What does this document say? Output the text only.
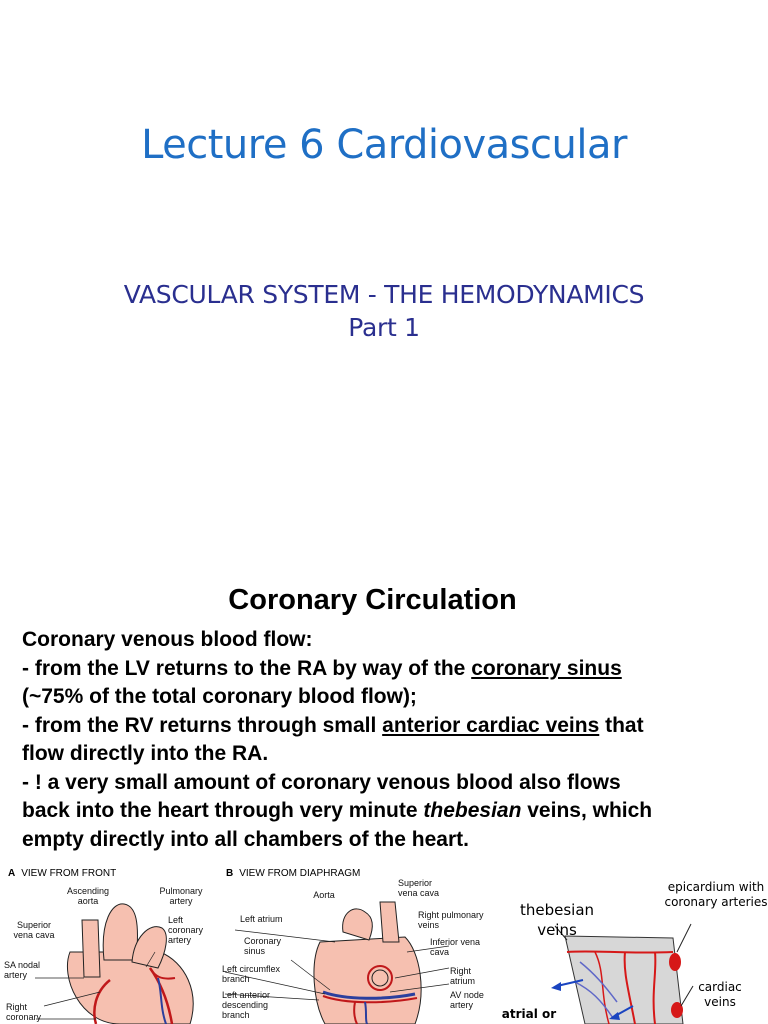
Lecture 6 Cardiovascular
VASCULAR SYSTEM - THE HEMODYNAMICS
Part 1
Coronary Circulation

Coronary venous blood flow:

- from the LV returns to the RA by way of the coronary sinus

(~75% of the total coronary blood flow);

- from the RV returns through small anterior cardiac veins that

flow directly into the RA.

- ! a very small amount of coronary venous blood also flows

back into the heart through very minute thebesian veins, which

empty directly into all chambers of the heart.

A VIEW FROM FRONT
Ascending aorta
Pulmonary artery
Left coronary artery
Superior vena cava
SA nodal artery
Right coronary
B VIEW FROM DIAPHRAGM
Aorta
Superior vena cava
Left atrium	Right pulmonary veins
Coronary sinus
Inferior vena cava
Left circumflex branch
Right atrium
Left anterior descending branch
AV node artery
thebesian veins
epicardium with coronary arteries
cardiac veins
atrial or
